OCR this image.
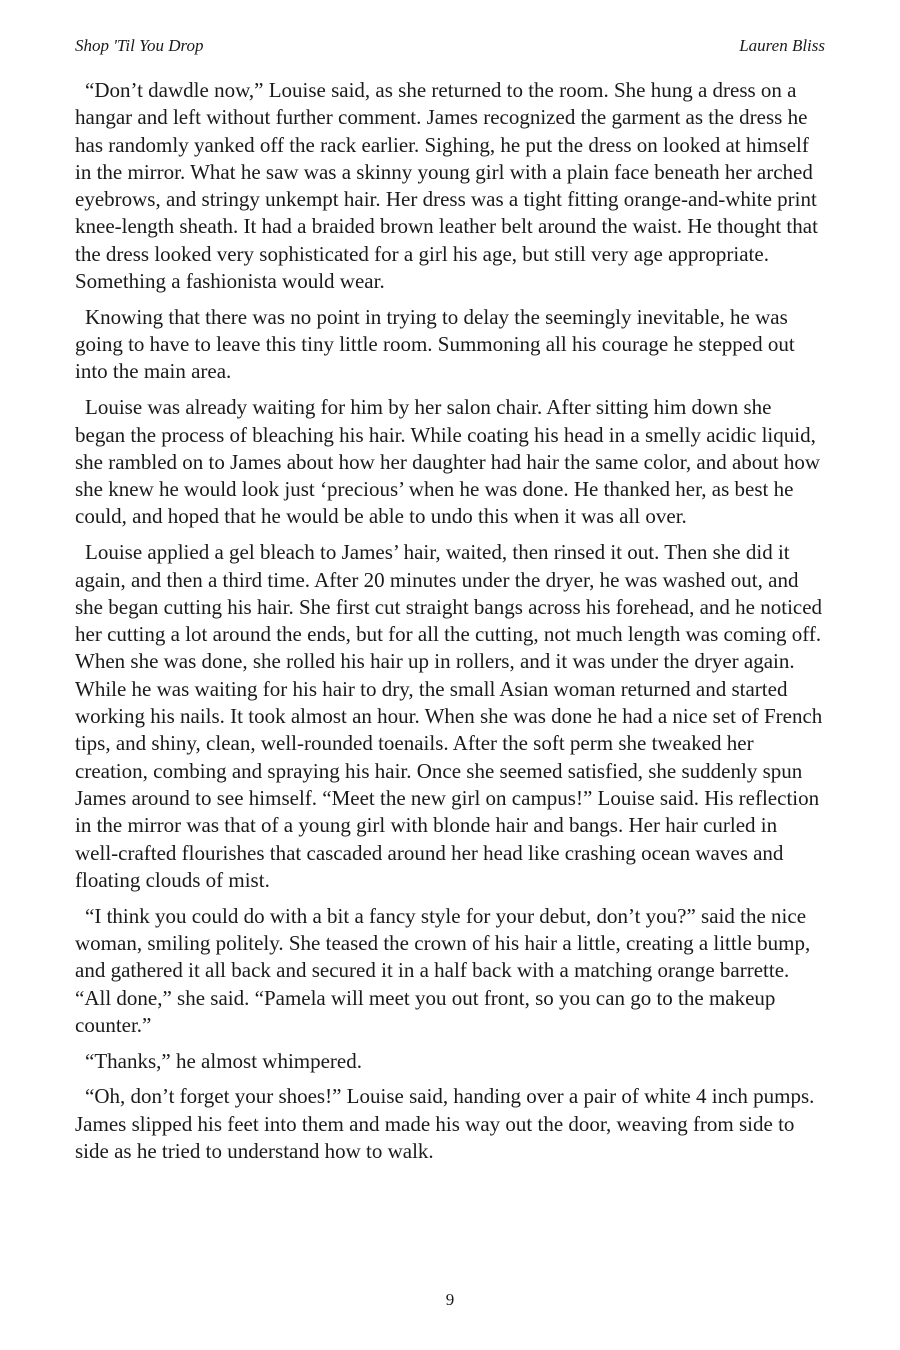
Shop 'Til You Drop	Lauren Bliss

“Don’t dawdle now,” Louise said, as she returned to the room. She hung a dress on a hangar and left without further comment. James recognized the garment as the dress he has randomly yanked off the rack earlier. Sighing, he put the dress on looked at himself in the mirror. What he saw was a skinny young girl with a plain face beneath her arched eyebrows, and stringy unkempt hair. Her dress was a tight fitting orange-and-white print knee-length sheath. It had a braided brown leather belt around the waist. He thought that the dress looked very sophisticated for a girl his age, but still very age appropriate. Something a fashionista would wear.

Knowing that there was no point in trying to delay the seemingly inevitable, he was going to have to leave this tiny little room. Summoning all his courage he stepped out into the main area.

Louise was already waiting for him by her salon chair. After sitting him down she began the process of bleaching his hair. While coating his head in a smelly acidic liquid, she rambled on to James about how her daughter had hair the same color, and about how she knew he would look just ‘precious’ when he was done. He thanked her, as best he could, and hoped that he would be able to undo this when it was all over.

Louise applied a gel bleach to James’ hair, waited, then rinsed it out. Then she did it again, and then a third time. After 20 minutes under the dryer, he was washed out, and she began cutting his hair. She first cut straight bangs across his forehead, and he noticed her cutting a lot around the ends, but for all the cutting, not much length was coming off. When she was done, she rolled his hair up in rollers, and it was under the dryer again. While he was waiting for his hair to dry, the small Asian woman returned and started working his nails. It took almost an hour. When she was done he had a nice set of French tips, and shiny, clean, well-rounded toenails. After the soft perm she tweaked her creation, combing and spraying his hair. Once she seemed satisfied, she suddenly spun James around to see himself. “Meet the new girl on campus!” Louise said. His reflection in the mirror was that of a young girl with blonde hair and bangs. Her hair curled in well-crafted flourishes that cascaded around her head like crashing ocean waves and floating clouds of mist.

“I think you could do with a bit a fancy style for your debut, don’t you?” said the nice woman, smiling politely. She teased the crown of his hair a little, creating a little bump, and gathered it all back and secured it in a half back with a matching orange barrette. “All done,” she said. “Pamela will meet you out front, so you can go to the makeup counter.”

“Thanks,” he almost whimpered.

“Oh, don’t forget your shoes!” Louise said, handing over a pair of white 4 inch pumps. James slipped his feet into them and made his way out the door, weaving from side to side as he tried to understand how to walk.

9
